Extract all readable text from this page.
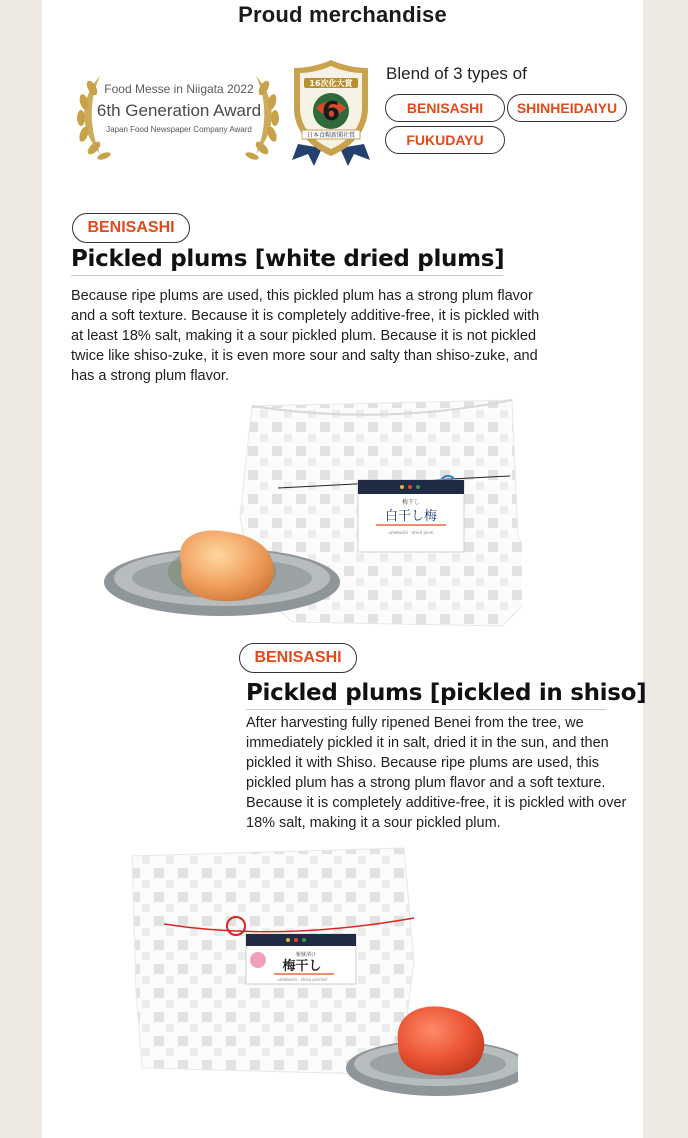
Proud merchandise
Food Messe in Niigata 2022
6th Generation Award
Japan Food Newspaper Company Award
16次化大賞
6
日本食糧新聞社賞
Blend of 3 types of
BENISASHI	SHINHEIDAIYU
FUKUDAYU
BENISASHI
Pickled plums [white dried plums]
Because ripe plums are used, this pickled plum has a strong plum flavor and a soft texture. Because it is completely additive-free, it is pickled with at least 18% salt, making it a sour pickled plum. Because it is not pickled twice like shiso-zuke, it is even more sour and salty than shiso-zuke, and has a strong plum flavor.
梅干し
白干し梅
umeboshi · dried plum
BENISASHI
Pickled plums [pickled in shiso]
After harvesting fully ripened Benei from the tree, we immediately pickled it in salt, dried it in the sun, and then pickled it with Shiso. Because ripe plums are used, this pickled plum has a strong plum flavor and a soft texture. Because it is completely additive-free, it is pickled with over 18% salt, making it a sour pickled plum.
紫蘇漬け
梅干し
umeboshi · shiso pickled
